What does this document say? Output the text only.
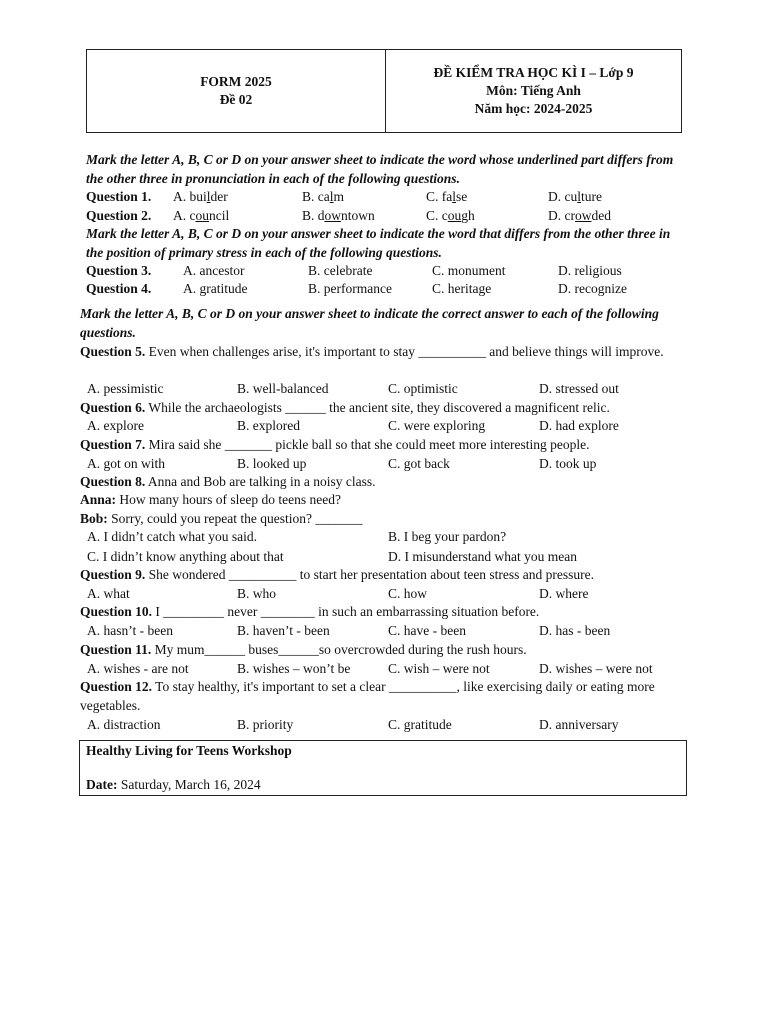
FORM 2025
Đề 02
ĐỀ KIỂM TRA HỌC KÌ I – Lớp 9
Môn: Tiếng Anh
Năm học: 2024-2025
Mark the letter A, B, C or D on your answer sheet to indicate the word whose underlined part differs from the other three in pronunciation in each of the following questions.
Question 1. A. builder	B. calm	C. false	D. culture
Question 2. A. council	B. downtown	C. cough	D. crowded
Mark the letter A, B, C or D on your answer sheet to indicate the word that differs from the other three in the position of primary stress in each of the following questions.
Question 3. A. ancestor	B. celebrate	C. monument	D. religious
Question 4. A. gratitude	B. performance	C. heritage	D. recognize
Mark the letter A, B, C or D on your answer sheet to indicate the correct answer to each of the following questions.
Question 5. Even when challenges arise, it's important to stay __________ and believe things will improve.
A. pessimistic	B. well-balanced	C. optimistic	D. stressed out
Question 6. While the archaeologists ______ the ancient site, they discovered a magnificent relic.
A. explore	B. explored	C. were exploring	D. had explore
Question 7. Mira said she _______ pickle ball so that she could meet more interesting people.
A. got on with	B. looked up	C. got back	D. took up
Question 8. Anna and Bob are talking in a noisy class.
Anna: How many hours of sleep do teens need?
Bob: Sorry, could you repeat the question? _______
A. I didn’t catch what you said.	B. I beg your pardon?
C. I didn’t know anything about that	D. I misunderstand what you mean
Question 9. She wondered __________ to start her presentation about teen stress and pressure.
A. what	B. who	C. how	D. where
Question 10. I _________ never ________ in such an embarrassing situation before.
A. hasn’t - been	B. haven’t - been	C. have - been	D. has - been
Question 11. My mum______ buses______so overcrowded during the rush hours.
A. wishes - are not	B. wishes – won’t be	C. wish – were not	D. wishes – were not
Question 12. To stay healthy, it's important to set a clear __________, like exercising daily or eating more vegetables.
A. distraction	B. priority	C. gratitude	D. anniversary
Healthy Living for Teens Workshop
Date: Saturday, March 16, 2024
